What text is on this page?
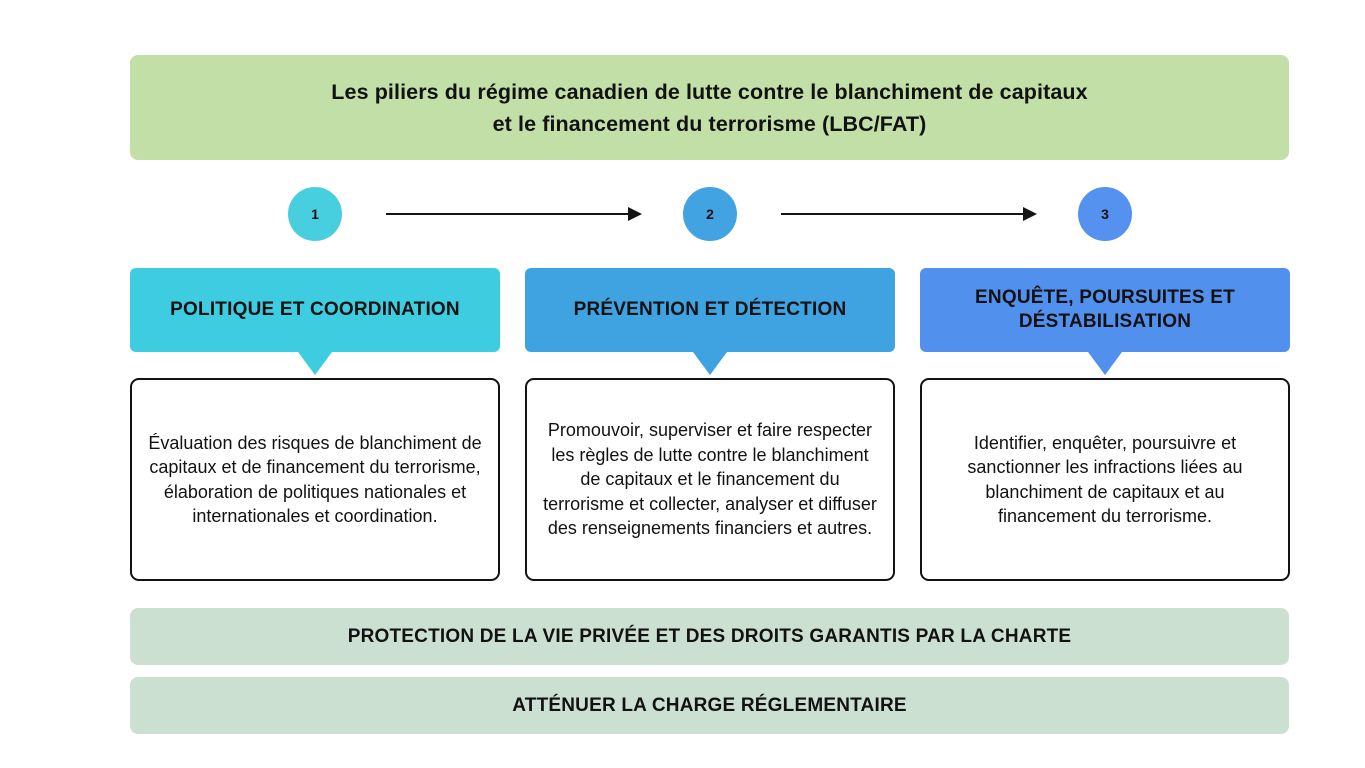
Les piliers du régime canadien de lutte contre le blanchiment de capitaux
et le financement du terrorisme (LBC/FAT)
1	2	3
POLITIQUE ET COORDINATION	PRÉVENTION ET DÉTECTION
ENQUÊTE, POURSUITES ET DÉSTABILISATION
Évaluation des risques de blanchiment de capitaux et de financement du terrorisme, élaboration de politiques nationales et internationales et coordination.
Promouvoir, superviser et faire respecter les règles de lutte contre le blanchiment de capitaux et le financement du terrorisme et collecter, analyser et diffuser des renseignements financiers et autres.
Identifier, enquêter, poursuivre et sanctionner les infractions liées au blanchiment de capitaux et au financement du terrorisme.
PROTECTION DE LA VIE PRIVÉE ET DES DROITS GARANTIS PAR LA CHARTE
ATTÉNUER LA CHARGE RÉGLEMENTAIRE
